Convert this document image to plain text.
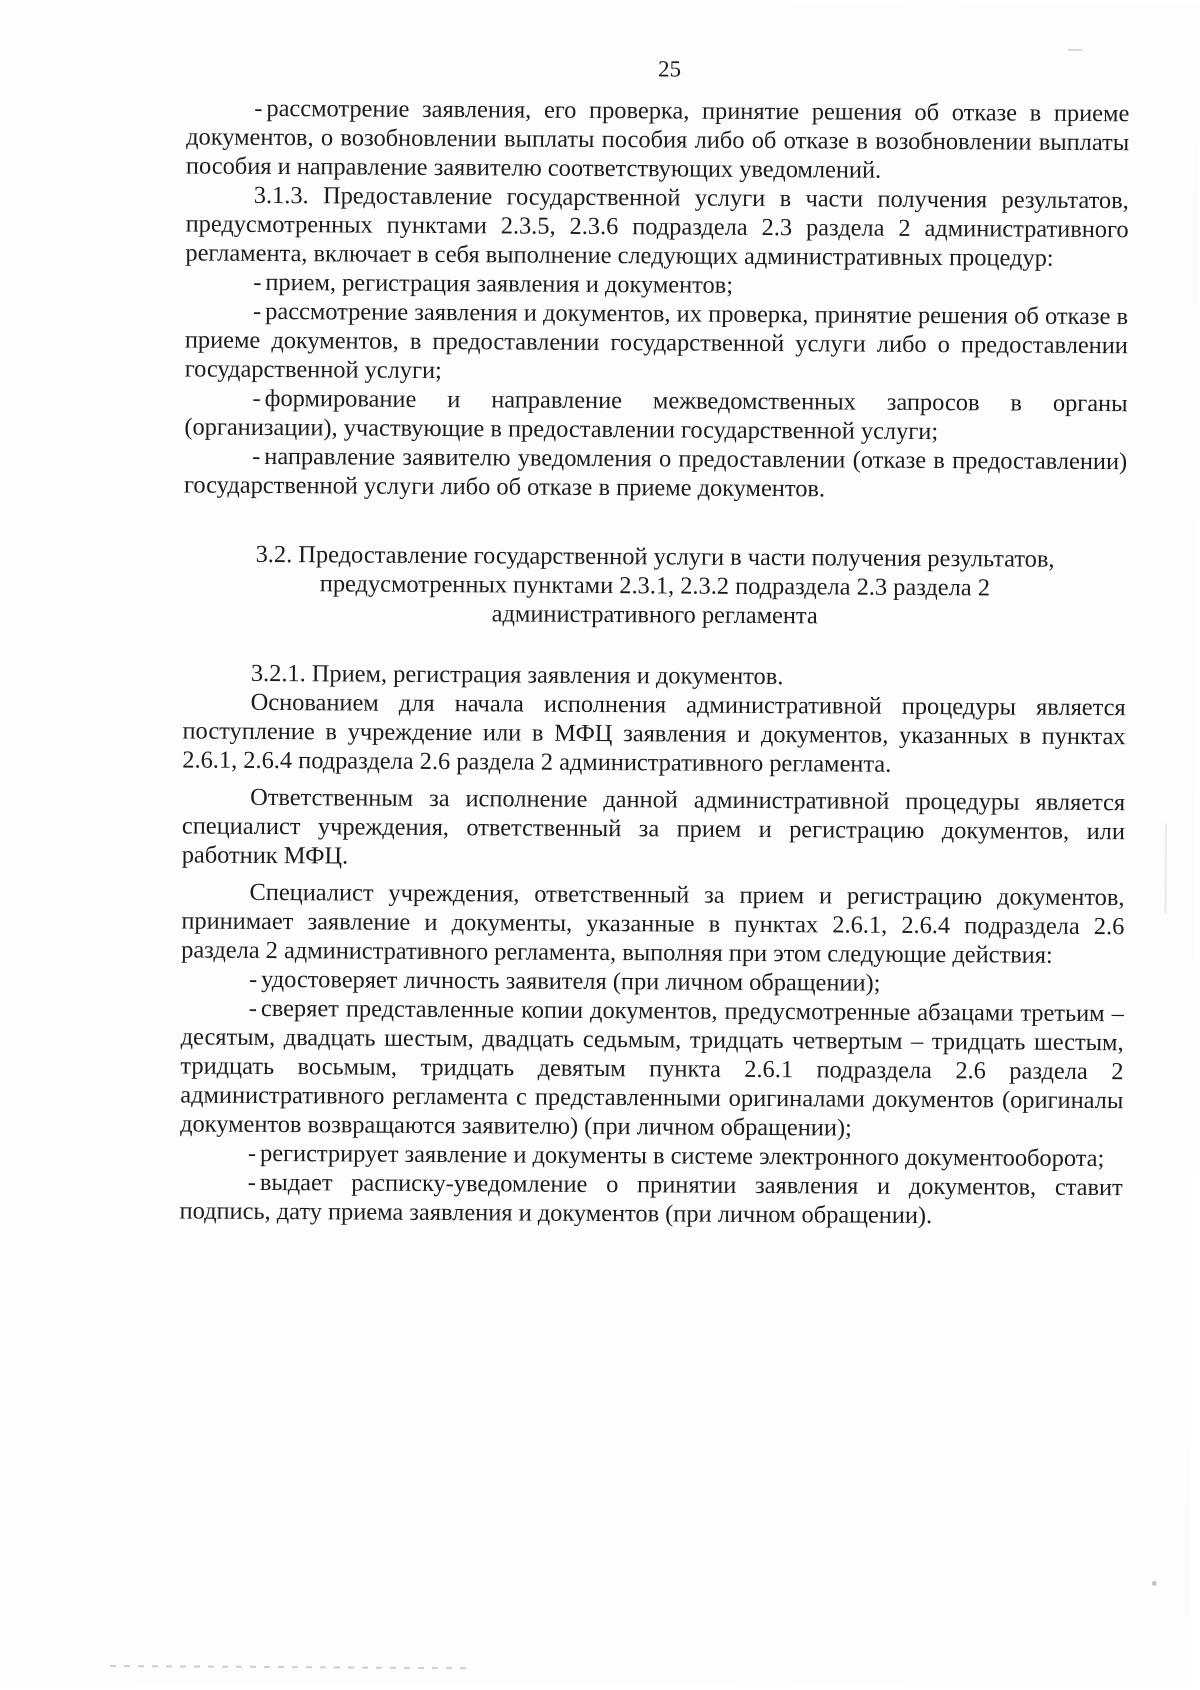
25

- рассмотрение заявления, его проверка, принятие решения об отказе в приеме документов, о возобновлении выплаты пособия либо об отказе в возобновлении выплаты пособия и направление заявителю соответствующих уведомлений.

3.1.3. Предоставление государственной услуги в части получения результатов, предусмотренных пунктами 2.3.5, 2.3.6 подраздела 2.3 раздела 2 административного регламента, включает в себя выполнение следующих административных процедур:

- прием, регистрация заявления и документов;

- рассмотрение заявления и документов, их проверка, принятие решения об отказе в приеме документов, в предоставлении государственной услуги либо о предоставлении государственной услуги;

- формирование и направление межведомственных запросов в органы (организации), участвующие в предоставлении государственной услуги;

- направление заявителю уведомления о предоставлении (отказе в предоставлении) государственной услуги либо об отказе в приеме документов.

3.2. Предоставление государственной услуги в части получения результатов,
предусмотренных пунктами 2.3.1, 2.3.2 подраздела 2.3 раздела 2
административного регламента

3.2.1. Прием, регистрация заявления и документов.

Основанием для начала исполнения административной процедуры является поступление в учреждение или в МФЦ заявления и документов, указанных в пунктах 2.6.1, 2.6.4 подраздела 2.6 раздела 2 административного регламента.

Ответственным за исполнение данной административной процедуры является специалист учреждения, ответственный за прием и регистрацию документов, или работник МФЦ.

Специалист учреждения, ответственный за прием и регистрацию документов, принимает заявление и документы, указанные в пунктах 2.6.1, 2.6.4 подраздела 2.6 раздела 2 административного регламента, выполняя при этом следующие действия:

- удостоверяет личность заявителя (при личном обращении);

- сверяет представленные копии документов, предусмотренные абзацами третьим – десятым, двадцать шестым, двадцать седьмым, тридцать четвертым – тридцать шестым, тридцать восьмым, тридцать девятым пункта 2.6.1 подраздела 2.6 раздела 2 административного регламента с представленными оригиналами документов (оригиналы документов возвращаются заявителю) (при личном обращении);

- регистрирует заявление и документы в системе электронного документооборота;

- выдает расписку-уведомление о принятии заявления и документов, ставит подпись, дату приема заявления и документов (при личном обращении).
